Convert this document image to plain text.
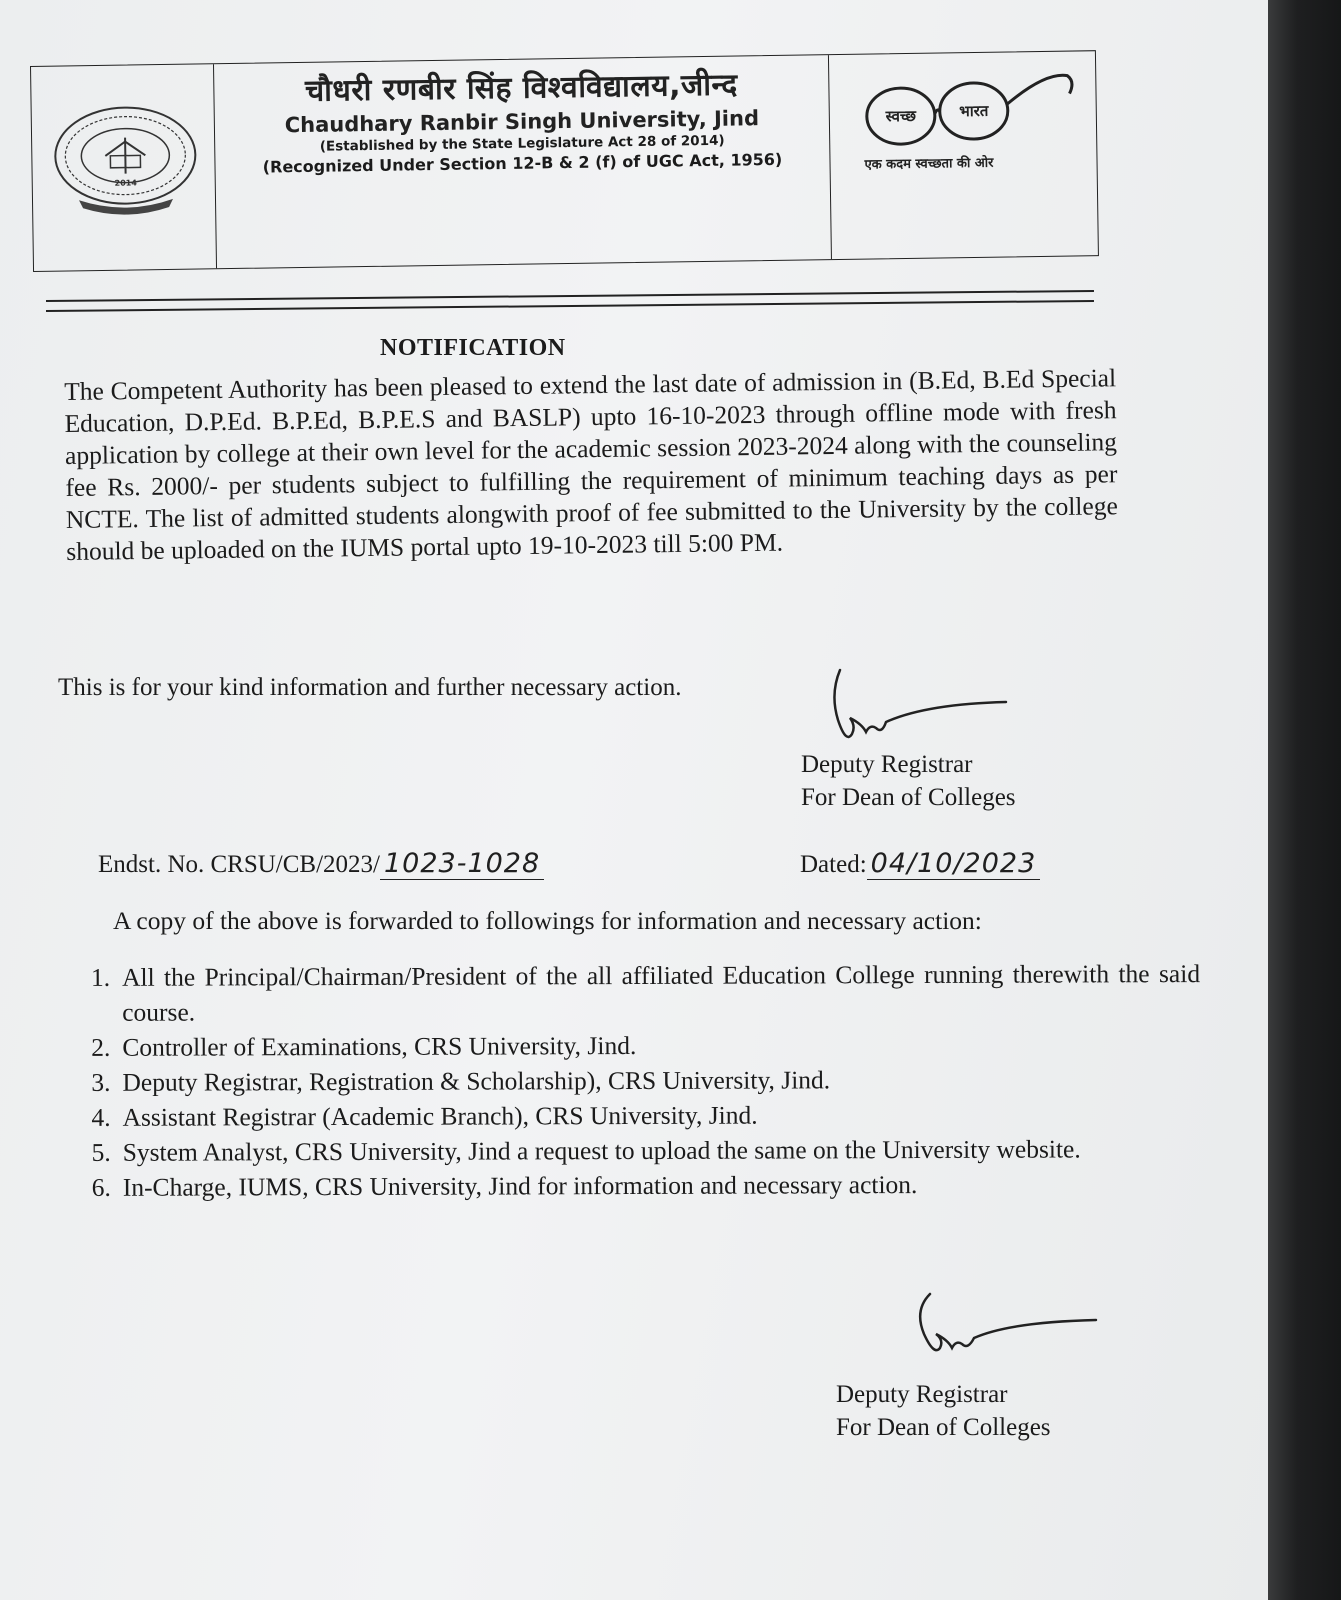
2014
चौधरी रणबीर सिंह विश्वविद्यालय,जीन्द
Chaudhary Ranbir Singh University, Jind
(Established by the State Legislature Act 28 of 2014)
(Recognized Under Section 12-B & 2 (f) of UGC Act, 1956)
स्वच्छ	भारत
एक कदम स्वच्छता की ओर
NOTIFICATION
The Competent Authority has been pleased to extend the last date of admission in (B.Ed, B.Ed Special Education, D.P.Ed. B.P.Ed, B.P.E.S and BASLP) upto 16-10-2023 through offline mode with fresh application by college at their own level for the academic session 2023-2024 along with the counseling fee Rs. 2000/- per students subject to fulfilling the requirement of minimum teaching days as per NCTE. The list of admitted students alongwith proof of fee submitted to the University by the college should be uploaded on the IUMS portal upto 19-10-2023 till 5:00 PM.
This is for your kind information and further necessary action.
Deputy Registrar
For Dean of Colleges
Endst. No. CRSU/CB/2023/ 1023-1028	Dated: 04/10/2023
A copy of the above is forwarded to followings for information and necessary action:
1. All the Principal/Chairman/President of the all affiliated Education College running therewith the said course.
2. Controller of Examinations, CRS University, Jind.
3. Deputy Registrar, Registration & Scholarship), CRS University, Jind.
4. Assistant Registrar (Academic Branch), CRS University, Jind.
5. System Analyst, CRS University, Jind a request to upload the same on the University website.
6. In-Charge, IUMS, CRS University, Jind for information and necessary action.
Deputy Registrar
For Dean of Colleges
